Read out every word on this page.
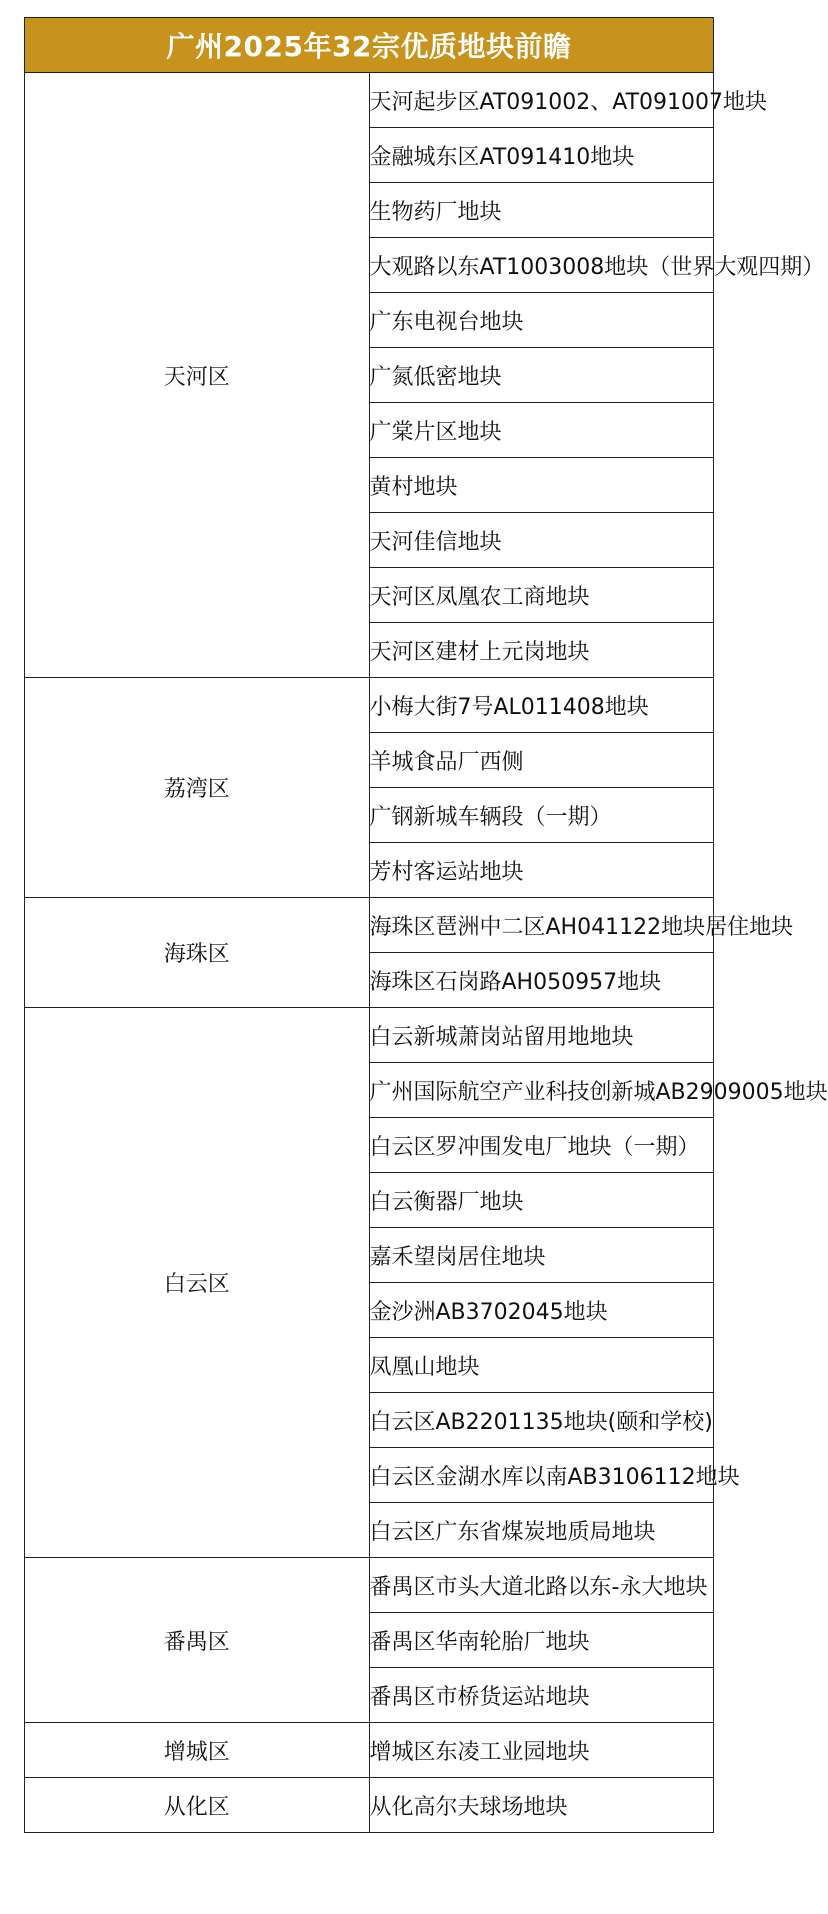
广州2025年32宗优质地块前瞻	
天河区	天河起步区AT091002、AT091007地块
	金融城东区AT091410地块
	生物药厂地块
	大观路以东AT1003008地块（世界大观四期）
	广东电视台地块
	广氮低密地块
	广棠片区地块
	黄村地块
	天河佳信地块
	天河区凤凰农工商地块
	天河区建材上元岗地块
荔湾区	小梅大街7号AL011408地块
	羊城食品厂西侧
	广钢新城车辆段（一期）
	芳村客运站地块
海珠区	海珠区琶洲中二区AH041122地块居住地块
	海珠区石岗路AH050957地块
白云区	白云新城萧岗站留用地地块
	广州国际航空产业科技创新城AB2909005地块
	白云区罗冲围发电厂地块（一期）
	白云衡器厂地块
	嘉禾望岗居住地块
	金沙洲AB3702045地块
	凤凰山地块
	白云区AB2201135地块(颐和学校)
	白云区金湖水库以南AB3106112地块
	白云区广东省煤炭地质局地块
番禺区	番禺区市头大道北路以东-永大地块
	番禺区华南轮胎厂地块
	番禺区市桥货运站地块
增城区	增城区东凌工业园地块
从化区	从化高尔夫球场地块
